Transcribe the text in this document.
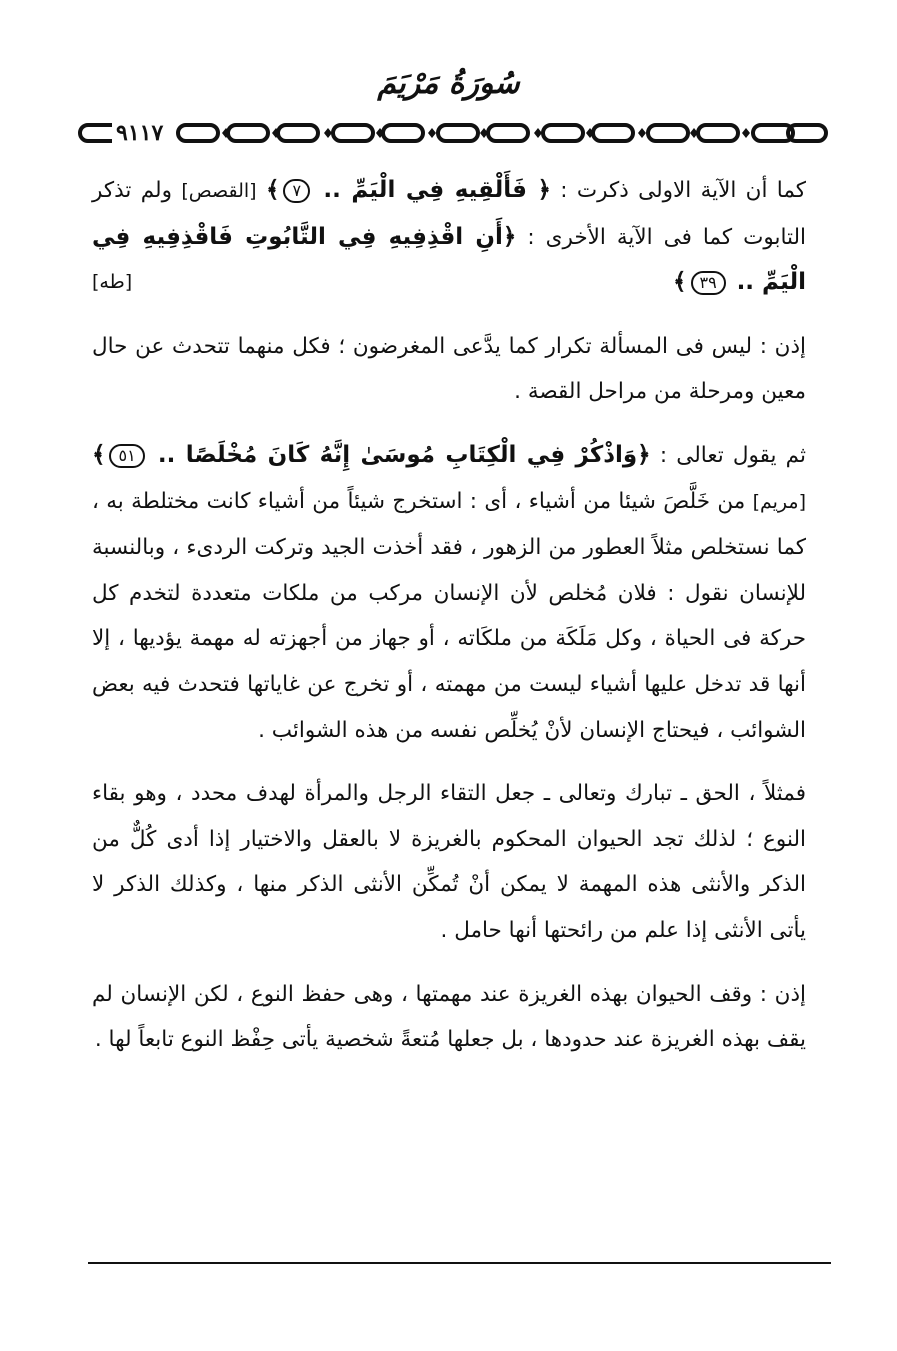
سُورَةُ مَرْيَمَ
٩١١٧

كما أن الآية الاولى ذكرت : ﴿ فَأَلْقِيهِ فِي الْيَمِّ .. ٧﴾ [القصص] ولم تذكر التابوت كما فى الآية الأخرى : ﴿أَنِ اقْذِفِيهِ فِي التَّابُوتِ فَاقْذِفِيهِ فِي الْيَمِّ .. ٣٩﴾
[طه]

إذن : ليس فى المسألة تكرار كما يدَّعى المغرضون ؛ فكل منهما تتحدث عن حال معين ومرحلة من مراحل القصة .

ثم يقول تعالى : ﴿وَاذْكُرْ فِي الْكِتَابِ مُوسَىٰ إِنَّهُ كَانَ مُخْلَصًا .. ٥١﴾ [مريم] من خَلَّصَ شيئا من أشياء ، أى : استخرج شيئاً من أشياء كانت مختلطة به ، كما نستخلص مثلاً العطور من الزهور ، فقد أخذت الجيد وتركت الردىء ، وبالنسبة للإنسان نقول : فلان مُخلص لأن الإنسان مركب من ملكات متعددة لتخدم كل حركة فى الحياة ، وكل مَلَكَة من ملكَاته ، أو جهاز من أجهزته له مهمة يؤديها ، إلا أنها قد تدخل عليها أشياء ليست من مهمته ، أو تخرج عن غاياتها فتحدث فيه بعض الشوائب ، فيحتاج الإنسان لأنْ يُخلِّص نفسه من هذه الشوائب .

فمثلاً ، الحق ـ تبارك وتعالى ـ جعل التقاء الرجل والمرأة لهدف محدد ، وهو بقاء النوع ؛ لذلك تجد الحيوان المحكوم بالغريزة لا بالعقل والاختيار إذا أدى كُلٌّ من الذكر والأنثى هذه المهمة لا يمكن أنْ تُمكِّن الأنثى الذكر منها ، وكذلك الذكر لا يأتى الأنثى إذا علم من رائحتها أنها حامل .

إذن : وقف الحيوان بهذه الغريزة عند مهمتها ، وهى حفظ النوع ، لكن الإنسان لم يقف بهذه الغريزة عند حدودها ، بل جعلها مُتعةً شخصية يأتى حِفْظ النوع تابعاً لها .
